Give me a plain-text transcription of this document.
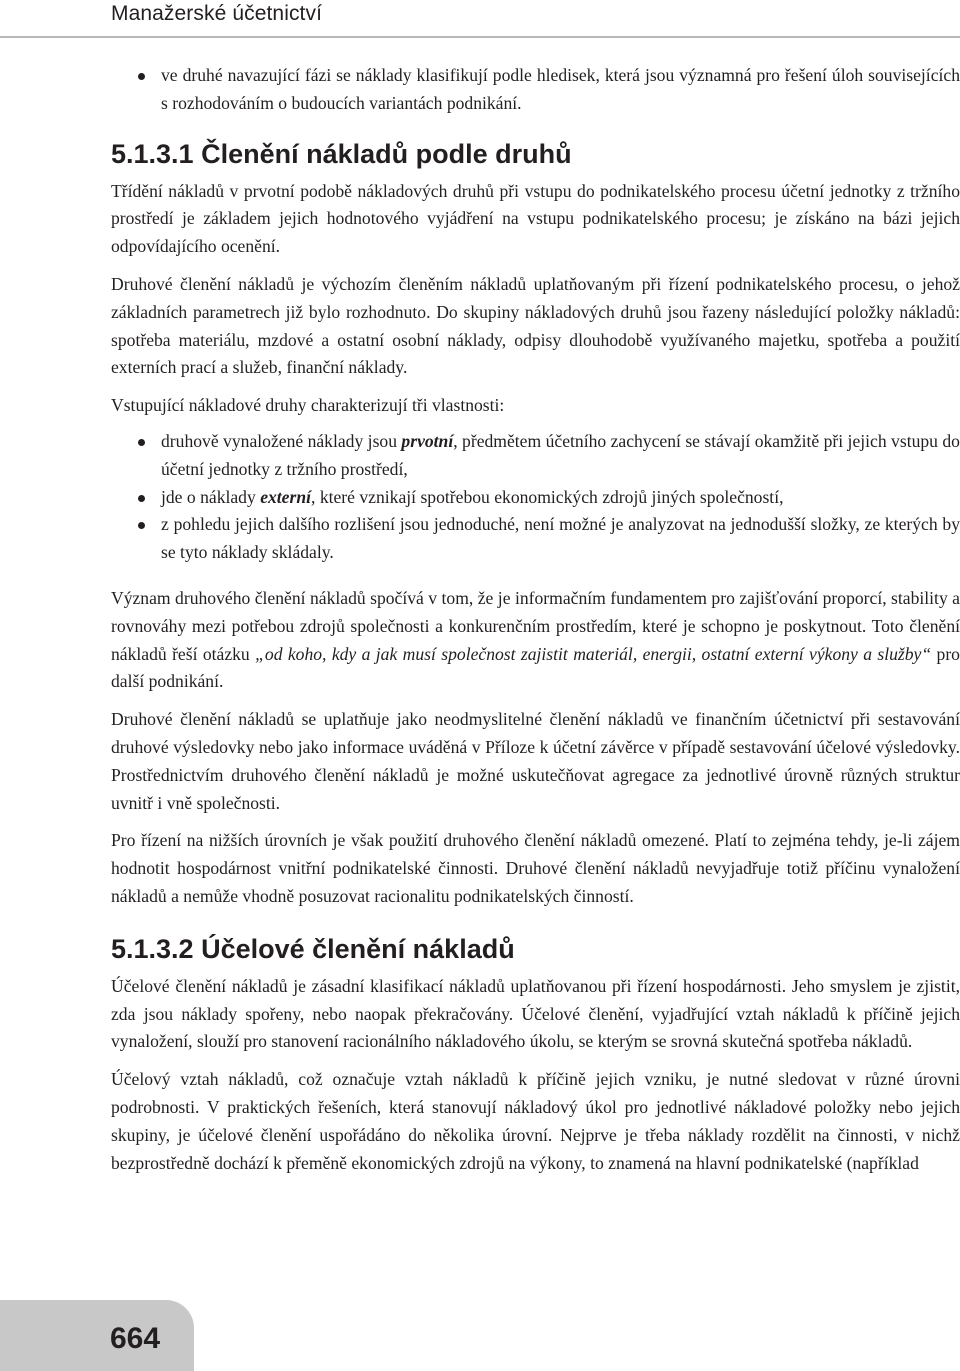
Manažerské účetnictví
ve druhé navazující fázi se náklady klasifikují podle hledisek, která jsou významná pro řešení úloh souvisejících s rozhodováním o budoucích variantách podnikání.
5.1.3.1 Členění nákladů podle druhů

Třídění nákladů v prvotní podobě nákladových druhů při vstupu do podnikatelského procesu účetní jednotky z tržního prostředí je základem jejich hodnotového vyjádření na vstupu podnikatelského procesu; je získáno na bázi jejich odpovídajícího ocenění.

Druhové členění nákladů je výchozím členěním nákladů uplatňovaným při řízení podnikatelského procesu, o jehož základních parametrech již bylo rozhodnuto. Do skupiny nákladových druhů jsou řazeny následující položky nákladů: spotřeba materiálu, mzdové a ostatní osobní náklady, odpisy dlouhodobě využívaného majetku, spotřeba a použití externích prací a služeb, finanční náklady.

Vstupující nákladové druhy charakterizují tři vlastnosti:

druhově vynaložené náklady jsou prvotní, předmětem účetního zachycení se stávají okamžitě při jejich vstupu do účetní jednotky z tržního prostředí,
jde o náklady externí, které vznikají spotřebou ekonomických zdrojů jiných společností,
z pohledu jejich dalšího rozlišení jsou jednoduché, není možné je analyzovat na jednodušší složky, ze kterých by se tyto náklady skládaly.

Význam druhového členění nákladů spočívá v tom, že je informačním fundamentem pro zajišťování proporcí, stability a rovnováhy mezi potřebou zdrojů společnosti a konkurenčním prostředím, které je schopno je poskytnout. Toto členění nákladů řeší otázku „od koho, kdy a jak musí společnost zajistit materiál, energii, ostatní externí výkony a služby“ pro další podnikání.

Druhové členění nákladů se uplatňuje jako neodmyslitelné členění nákladů ve finančním účetnictví při sestavování druhové výsledovky nebo jako informace uváděná v Příloze k účetní závěrce v případě sestavování účelové výsledovky. Prostřednictvím druhového členění nákladů je možné uskutečňovat agregace za jednotlivé úrovně různých struktur uvnitř i vně společnosti.

Pro řízení na nižších úrovních je však použití druhového členění nákladů omezené. Platí to zejména tehdy, je-li zájem hodnotit hospodárnost vnitřní podnikatelské činnosti. Druhové členění nákladů nevyjadřuje totiž příčinu vynaložení nákladů a nemůže vhodně posuzovat racionalitu podnikatelských činností.

5.1.3.2 Účelové členění nákladů

Účelové členění nákladů je zásadní klasifikací nákladů uplatňovanou při řízení hospodárnosti. Jeho smyslem je zjistit, zda jsou náklady spořeny, nebo naopak překračovány. Účelové členění, vyjadřující vztah nákladů k příčině jejich vynaložení, slouží pro stanovení racionálního nákladového úkolu, se kterým se srovná skutečná spotřeba nákladů.

Účelový vztah nákladů, což označuje vztah nákladů k příčině jejich vzniku, je nutné sledovat v různé úrovni podrobnosti. V praktických řešeních, která stanovují nákladový úkol pro jednotlivé nákladové položky nebo jejich skupiny, je účelové členění uspořádáno do několika úrovní. Nejprve je třeba náklady rozdělit na činnosti, v nichž bezprostředně dochází k přeměně ekonomických zdrojů na výkony, to znamená na hlavní podnikatelské (například

664
